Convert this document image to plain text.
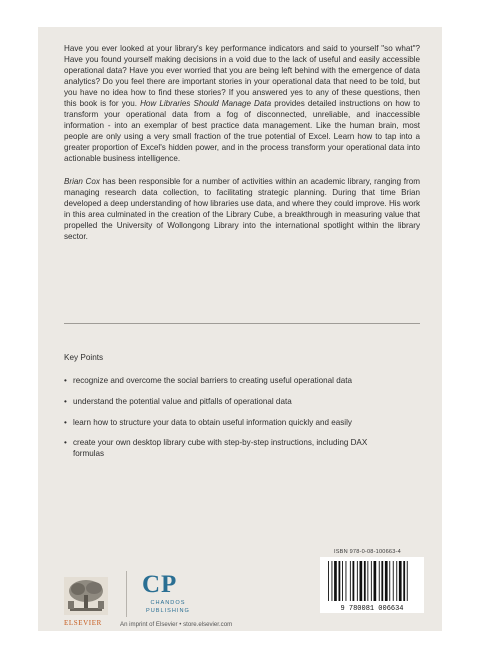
Have you ever looked at your library's key performance indicators and said to yourself "so what"? Have you found yourself making decisions in a void due to the lack of useful and easily accessible operational data? Have you ever worried that you are being left behind with the emergence of data analytics? Do you feel there are important stories in your operational data that need to be told, but you have no idea how to find these stories? If you answered yes to any of these questions, then this book is for you. How Libraries Should Manage Data provides detailed instructions on how to transform your operational data from a fog of disconnected, unreliable, and inaccessible information - into an exemplar of best practice data management. Like the human brain, most people are only using a very small fraction of the true potential of Excel. Learn how to tap into a greater proportion of Excel's hidden power, and in the process transform your operational data into actionable business intelligence.

Brian Cox has been responsible for a number of activities within an academic library, ranging from managing research data collection, to facilitating strategic planning. During that time Brian developed a deep understanding of how libraries use data, and where they could improve. His work in this area culminated in the creation of the Library Cube, a breakthrough in measuring value that propelled the University of Wollongong Library into the international spotlight within the library sector.

Key Points
• recognize and overcome the social barriers to creating useful operational data
• understand the potential value and pitfalls of operational data
• learn how to structure your data to obtain useful information quickly and easily
• create your own desktop library cube with step-by-step instructions, including DAX formulas
ELSEVIER
CP
CHANDOS
PUBLISHING
An imprint of Elsevier • store.elsevier.com
ISBN 978-0-08-100663-4
9 780081 006634
